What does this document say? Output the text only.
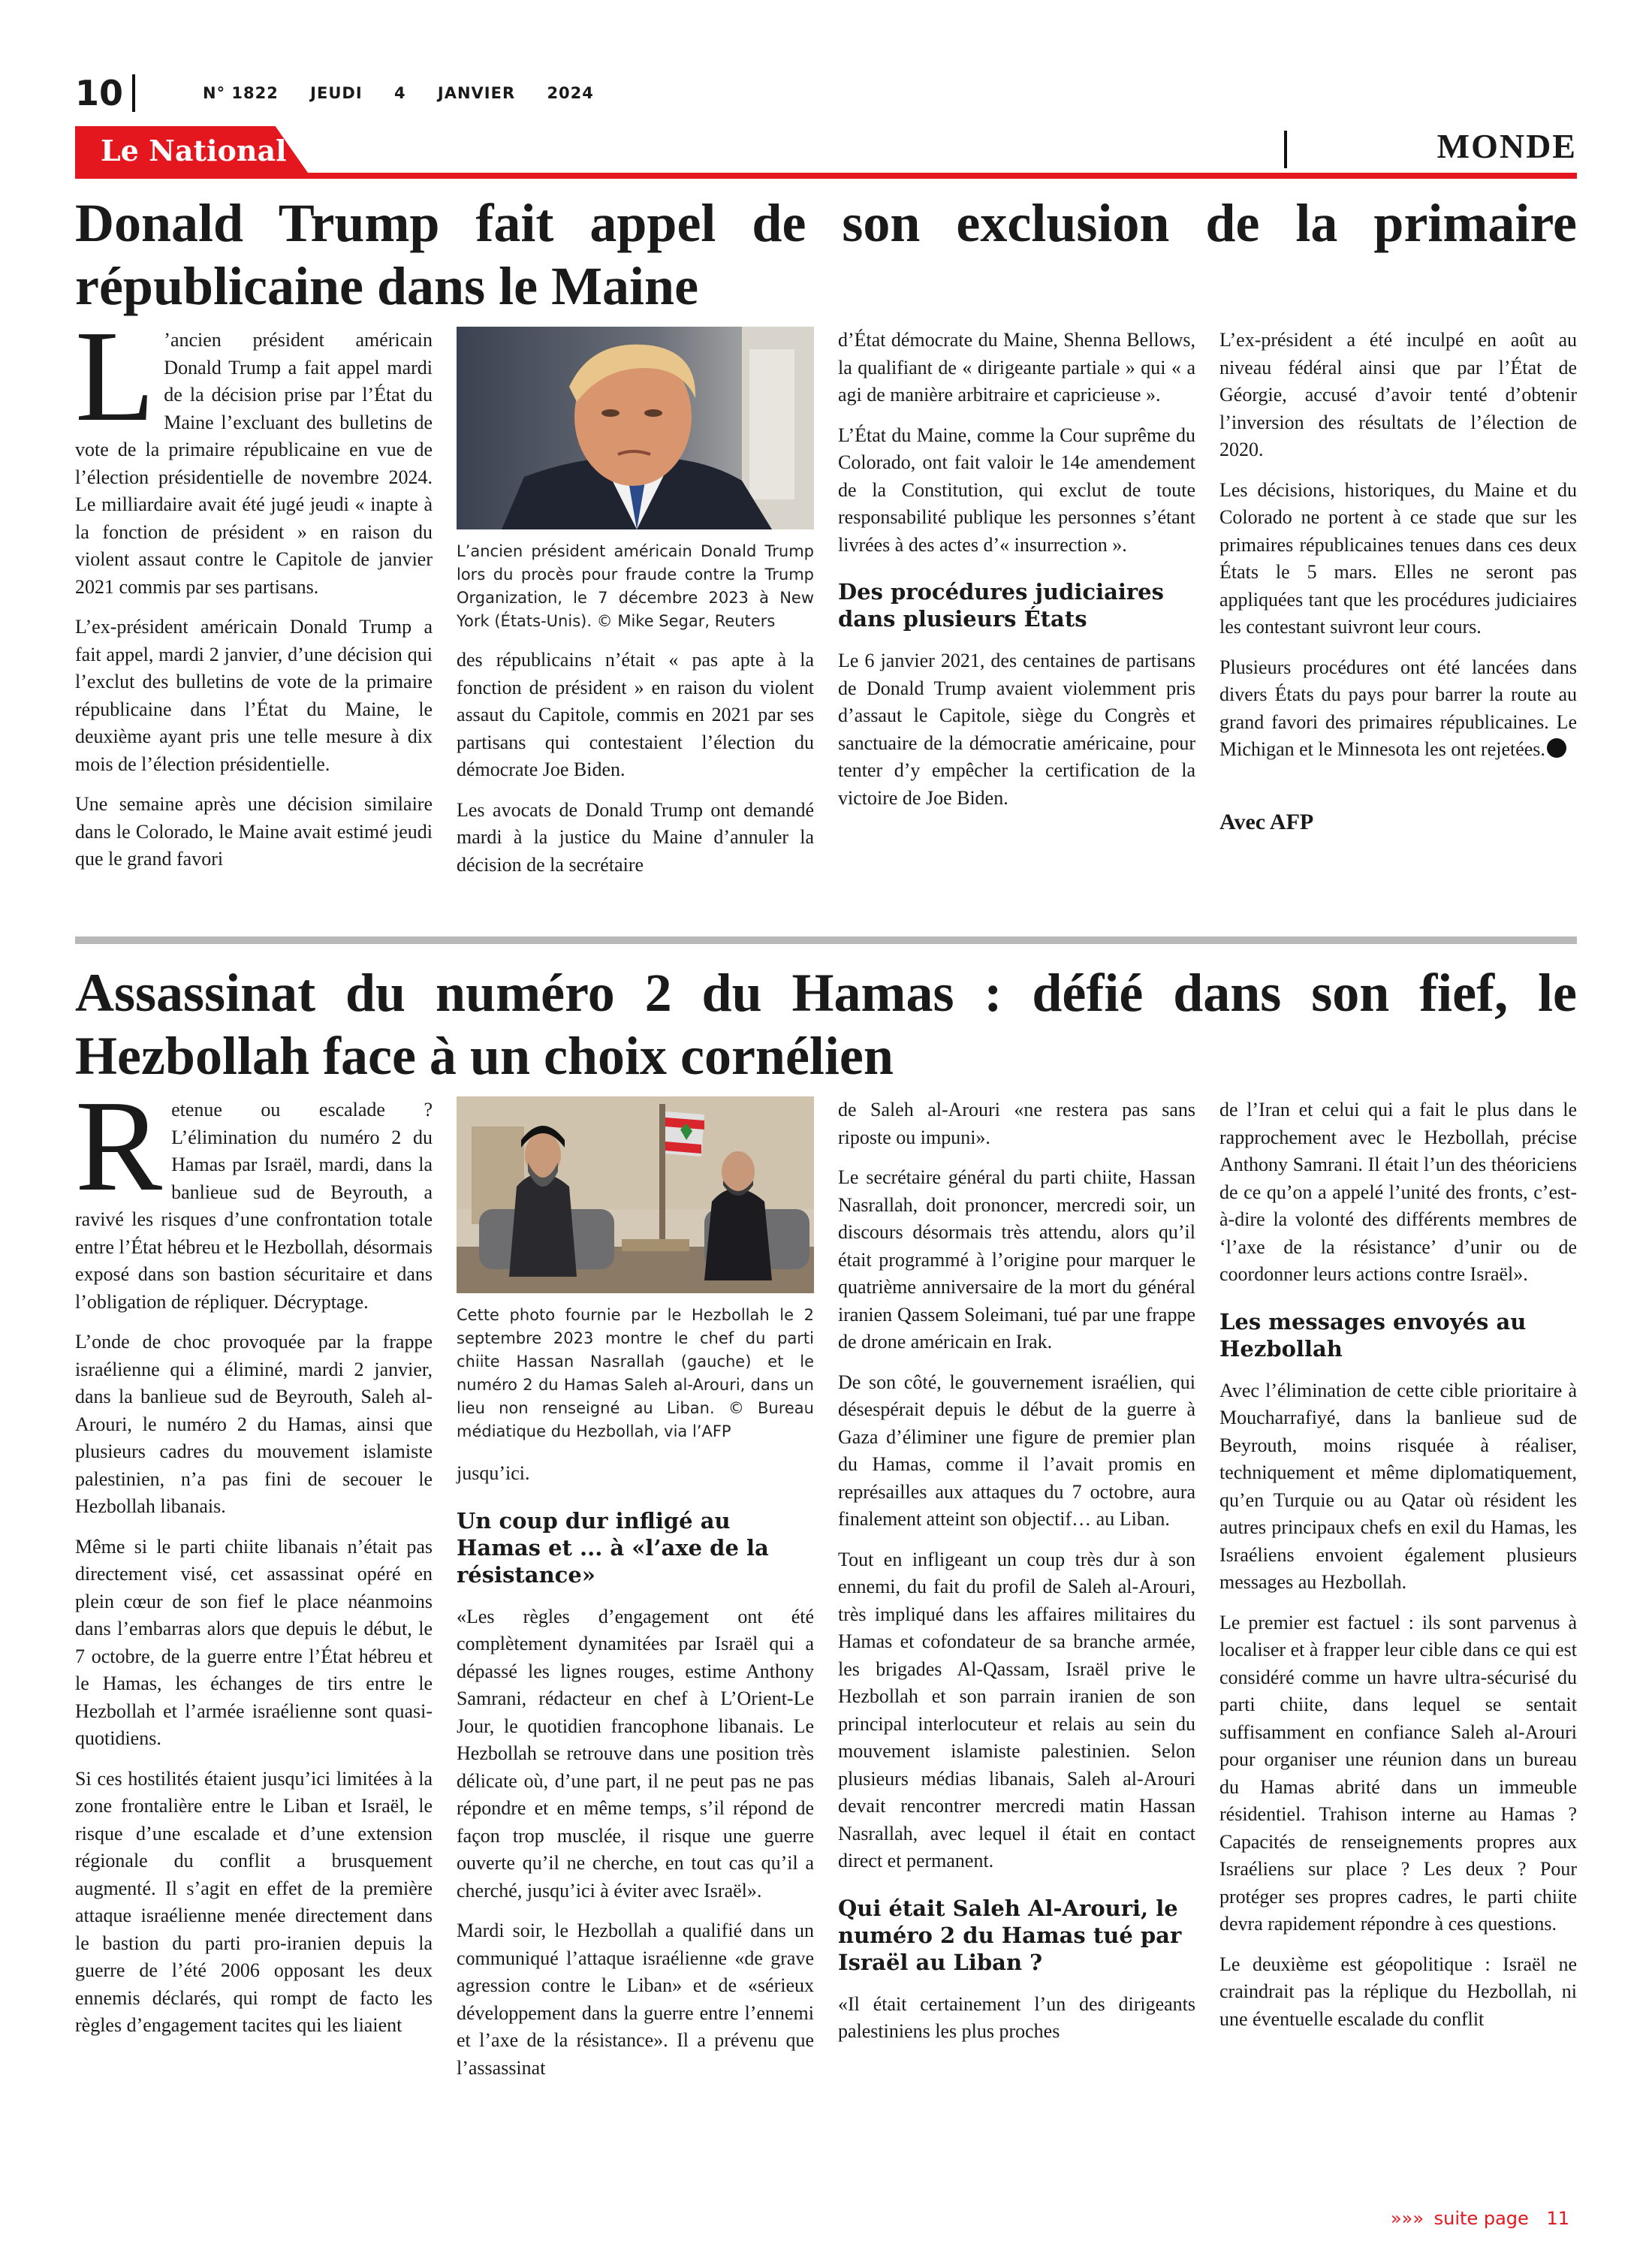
10	N° 1822 JEUDI 4 JANVIER 2024
Le National	MONDE
Donald Trump fait appel de son exclusion de la primaire républicaine dans le Maine

L ’ancien président américain Donald Trump a fait appel mardi de la décision prise par l’État du Maine l’excluant des bulletins de vote de la primaire républicaine en vue de l’élection présidentielle de novembre 2024. Le milliardaire avait été jugé jeudi « inapte à la fonction de président » en raison du violent assaut contre le Capitole de janvier 2021 commis par ses partisans.

L’ex-président américain Donald Trump a fait appel, mardi 2 janvier, d’une décision qui l’exclut des bulletins de vote de la primaire républicaine dans l’État du Maine, le deuxième ayant pris une telle mesure à dix mois de l’élection présidentielle.

Une semaine après une décision similaire dans le Colorado, le Maine avait estimé jeudi que le grand favori

L’ancien président américain Donald Trump lors du procès pour fraude contre la Trump Organization, le 7 décembre 2023 à New York (États-Unis). © Mike Segar, Reuters

des républicains n’était « pas apte à la fonction de président » en raison du violent assaut du Capitole, commis en 2021 par ses partisans qui contestaient l’élection du démocrate Joe Biden.

Les avocats de Donald Trump ont demandé mardi à la justice du Maine d’annuler la décision de la secrétaire

d’État démocrate du Maine, Shenna Bellows, la qualifiant de « dirigeante partiale » qui « a agi de manière arbitraire et capricieuse ».

L’État du Maine, comme la Cour suprême du Colorado, ont fait valoir le 14e amendement de la Constitution, qui exclut de toute responsabilité publique les personnes s’étant livrées à des actes d’« insurrection ».

Des procédures judiciaires dans plusieurs États

Le 6 janvier 2021, des centaines de partisans de Donald Trump avaient violemment pris d’assaut le Capitole, siège du Congrès et sanctuaire de la démocratie américaine, pour tenter d’y empêcher la certification de la victoire de Joe Biden.

L’ex-président a été inculpé en août au niveau fédéral ainsi que par l’État de Géorgie, accusé d’avoir tenté d’obtenir l’inversion des résultats de l’élection de 2020.

Les décisions, historiques, du Maine et du Colorado ne portent à ce stade que sur les primaires républicaines tenues dans ces deux États le 5 mars. Elles ne seront pas appliquées tant que les procédures judiciaires les contestant suivront leur cours.

Plusieurs procédures ont été lancées dans divers États du pays pour barrer la route au grand favori des primaires républicaines. Le Michigan et le Minnesota les ont rejetées.

Avec AFP
Assassinat du numéro 2 du Hamas : défié dans son fief, le Hezbollah face à un choix cornélien

Retenue ou escalade ? L’élimination du numéro 2 du Hamas par Israël, mardi, dans la banlieue sud de Beyrouth, a ravivé les risques d’une confrontation totale entre l’État hébreu et le Hezbollah, désormais exposé dans son bastion sécuritaire et dans l’obligation de répliquer. Décryptage.

L’onde de choc provoquée par la frappe israélienne qui a éliminé, mardi 2 janvier, dans la banlieue sud de Beyrouth, Saleh al-Arouri, le numéro 2 du Hamas, ainsi que plusieurs cadres du mouvement islamiste palestinien, n’a pas fini de secouer le Hezbollah libanais.

Même si le parti chiite libanais n’était pas directement visé, cet assassinat opéré en plein cœur de son fief le place néanmoins dans l’embarras alors que depuis le début, le 7 octobre, de la guerre entre l’État hébreu et le Hamas, les échanges de tirs entre le Hezbollah et l’armée israélienne sont quasi-quotidiens.

Si ces hostilités étaient jusqu’ici limitées à la zone frontalière entre le Liban et Israël, le risque d’une escalade et d’une extension régionale du conflit a brusquement augmenté. Il s’agit en effet de la première attaque israélienne menée directement dans le bastion du parti pro-iranien depuis la guerre de l’été 2006 opposant les deux ennemis déclarés, qui rompt de facto les règles d’engagement tacites qui les liaient

Cette photo fournie par le Hezbollah le 2 septembre 2023 montre le chef du parti chiite Hassan Nasrallah (gauche) et le numéro 2 du Hamas Saleh al-Arouri, dans un lieu non renseigné au Liban. © Bureau médiatique du Hezbollah, via l’AFP

jusqu’ici.

Un coup dur infligé au Hamas et ... à «l’axe de la résistance»

«Les règles d’engagement ont été complètement dynamitées par Israël qui a dépassé les lignes rouges, estime Anthony Samrani, rédacteur en chef à L’Orient-Le Jour, le quotidien francophone libanais. Le Hezbollah se retrouve dans une position très délicate où, d’une part, il ne peut pas ne pas répondre et en même temps, s’il répond de façon trop musclée, il risque une guerre ouverte qu’il ne cherche, en tout cas qu’il a cherché, jusqu’ici à éviter avec Israël».

Mardi soir, le Hezbollah a qualifié dans un communiqué l’attaque israélienne «de grave agression contre le Liban» et de «sérieux développement dans la guerre entre l’ennemi et l’axe de la résistance». Il a prévenu que l’assassinat

de Saleh al-Arouri «ne restera pas sans riposte ou impuni».

Le secrétaire général du parti chiite, Hassan Nasrallah, doit prononcer, mercredi soir, un discours désormais très attendu, alors qu’il était programmé à l’origine pour marquer le quatrième anniversaire de la mort du général iranien Qassem Soleimani, tué par une frappe de drone américain en Irak.

De son côté, le gouvernement israélien, qui désespérait depuis le début de la guerre à Gaza d’éliminer une figure de premier plan du Hamas, comme il l’avait promis en représailles aux attaques du 7 octobre, aura finalement atteint son objectif… au Liban.

Tout en infligeant un coup très dur à son ennemi, du fait du profil de Saleh al-Arouri, très impliqué dans les affaires militaires du Hamas et cofondateur de sa branche armée, les brigades Al-Qassam, Israël prive le Hezbollah et son parrain iranien de son principal interlocuteur et relais au sein du mouvement islamiste palestinien. Selon plusieurs médias libanais, Saleh al-Arouri devait rencontrer mercredi matin Hassan Nasrallah, avec lequel il était en contact direct et permanent.

Qui était Saleh Al-Arouri, le numéro 2 du Hamas tué par Israël au Liban ?

«Il était certainement l’un des dirigeants palestiniens les plus proches

de l’Iran et celui qui a fait le plus dans le rapprochement avec le Hezbollah, précise Anthony Samrani. Il était l’un des théoriciens de ce qu’on a appelé l’unité des fronts, c’est-à-dire la volonté des différents membres de ‘l’axe de la résistance’ d’unir ou de coordonner leurs actions contre Israël».

Les messages envoyés au Hezbollah

Avec l’élimination de cette cible prioritaire à Moucharrafiyé, dans la banlieue sud de Beyrouth, moins risquée à réaliser, techniquement et même diplomatiquement, qu’en Turquie ou au Qatar où résident les autres principaux chefs en exil du Hamas, les Israéliens envoient également plusieurs messages au Hezbollah.

Le premier est factuel : ils sont parvenus à localiser et à frapper leur cible dans ce qui est considéré comme un havre ultra-sécurisé du parti chiite, dans lequel se sentait suffisamment en confiance Saleh al-Arouri pour organiser une réunion dans un bureau du Hamas abrité dans un immeuble résidentiel. Trahison interne au Hamas ? Capacités de renseignements propres aux Israéliens sur place ? Les deux ? Pour protéger ses propres cadres, le parti chiite devra rapidement répondre à ces questions.

Le deuxième est géopolitique : Israël ne craindrait pas la réplique du Hezbollah, ni une éventuelle escalade du conflit

»»» suite page 11
